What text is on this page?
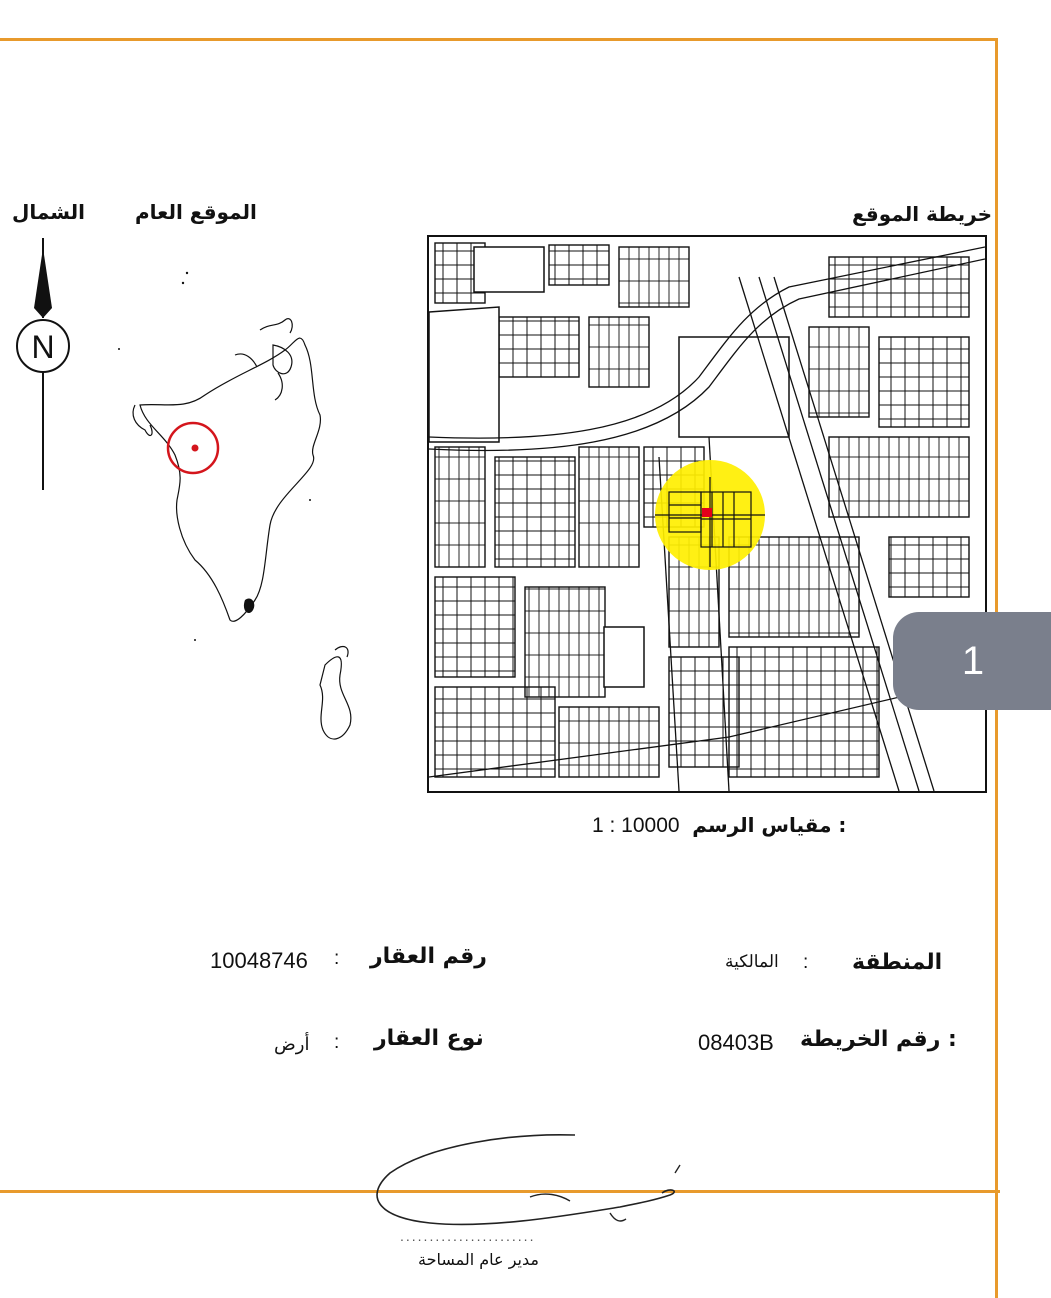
الشمال	الموقع العام	خريطة الموقع
N
1 : 10000 مقياس الرسم :
10048746 : رقم العقار	المالكية : المنطقة
أرض : نوع العقار	08403B رقم الخريطة :
.......................
مدير عام المساحة
1
